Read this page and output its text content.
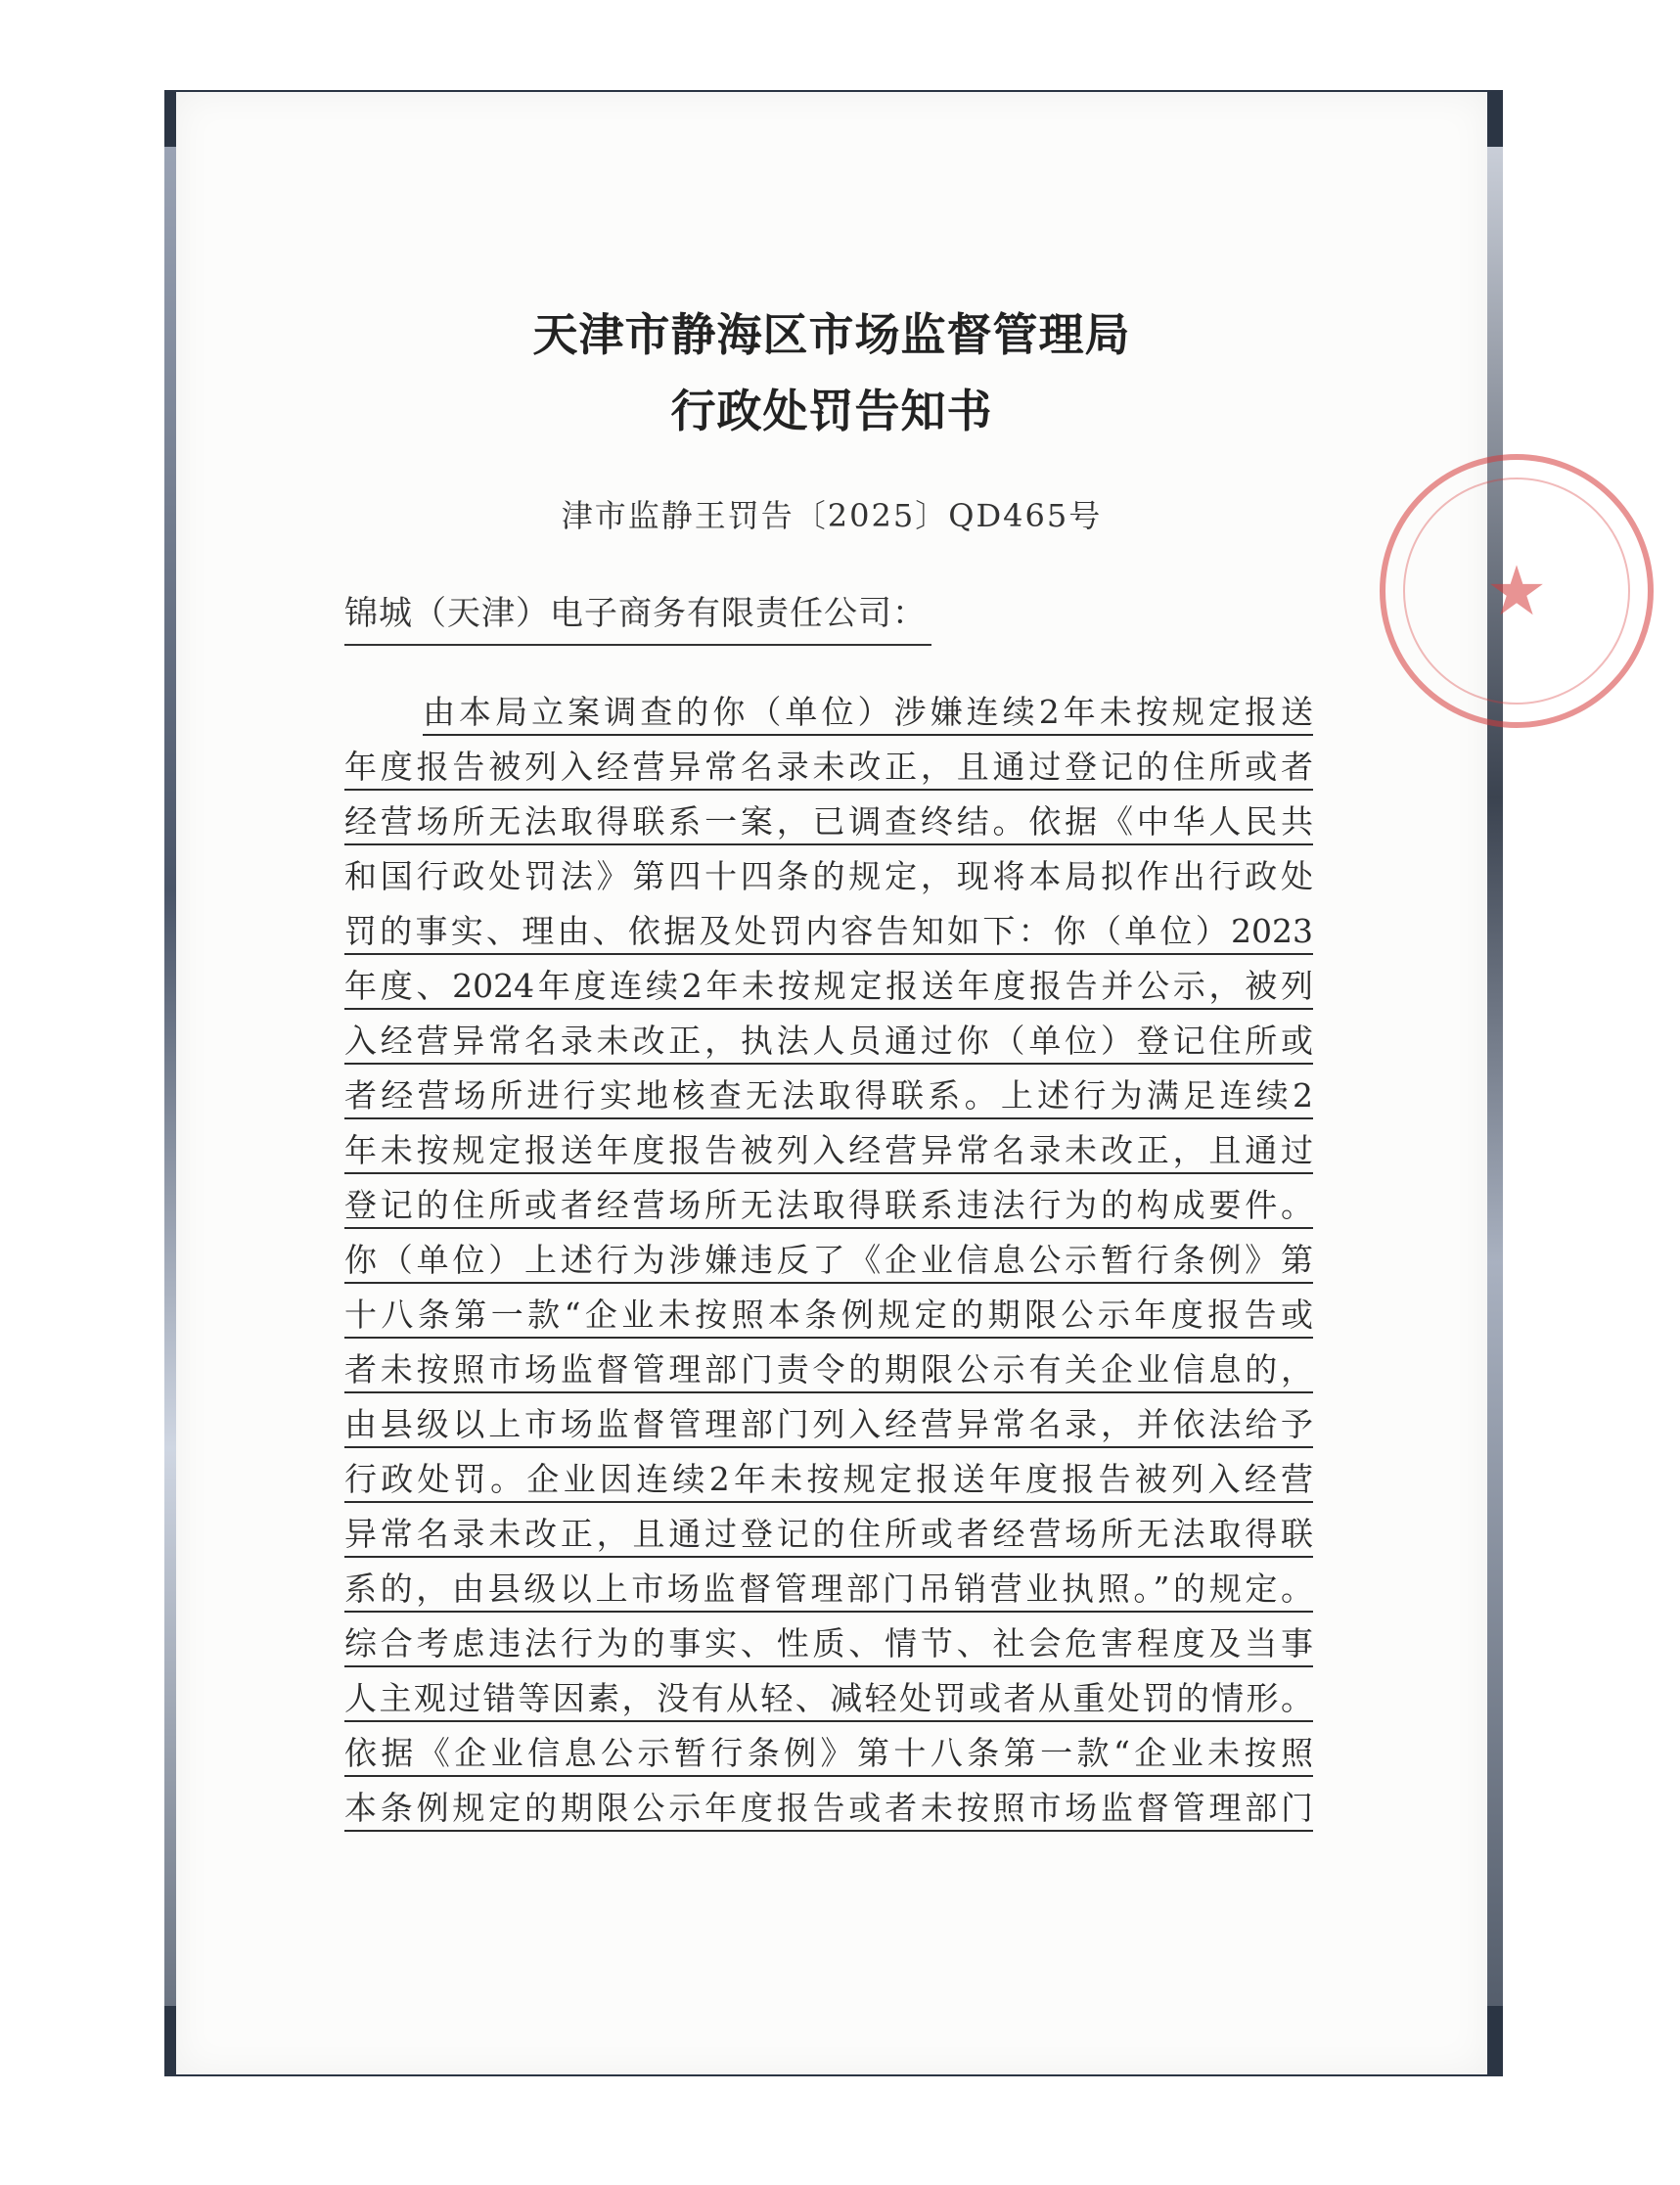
天津市静海区市场监督管理局
行政处罚告知书
津市监静王罚告〔2025〕QD465号
锦城（天津）电子商务有限责任公司：
由本局立案调查的你（单位）涉嫌连续2年未按规定报送
年度报告被列入经营异常名录未改正，且通过登记的住所或者
经营场所无法取得联系一案，已调查终结。依据《中华人民共
和国行政处罚法》第四十四条的规定，现将本局拟作出行政处
罚的事实、理由、依据及处罚内容告知如下：你（单位）2023
年度、2024年度连续2年未按规定报送年度报告并公示，被列
入经营异常名录未改正，执法人员通过你（单位）登记住所或
者经营场所进行实地核查无法取得联系。上述行为满足连续2
年未按规定报送年度报告被列入经营异常名录未改正，且通过
登记的住所或者经营场所无法取得联系违法行为的构成要件。
你（单位）上述行为涉嫌违反了《企业信息公示暂行条例》第
十八条第一款“企业未按照本条例规定的期限公示年度报告或
者未按照市场监督管理部门责令的期限公示有关企业信息的，
由县级以上市场监督管理部门列入经营异常名录，并依法给予
行政处罚。企业因连续2年未按规定报送年度报告被列入经营
异常名录未改正，且通过登记的住所或者经营场所无法取得联
系的，由县级以上市场监督管理部门吊销营业执照。”的规定。
综合考虑违法行为的事实、性质、情节、社会危害程度及当事
人主观过错等因素，没有从轻、减轻处罚或者从重处罚的情形。
依据《企业信息公示暂行条例》第十八条第一款“企业未按照
本条例规定的期限公示年度报告或者未按照市场监督管理部门
★
